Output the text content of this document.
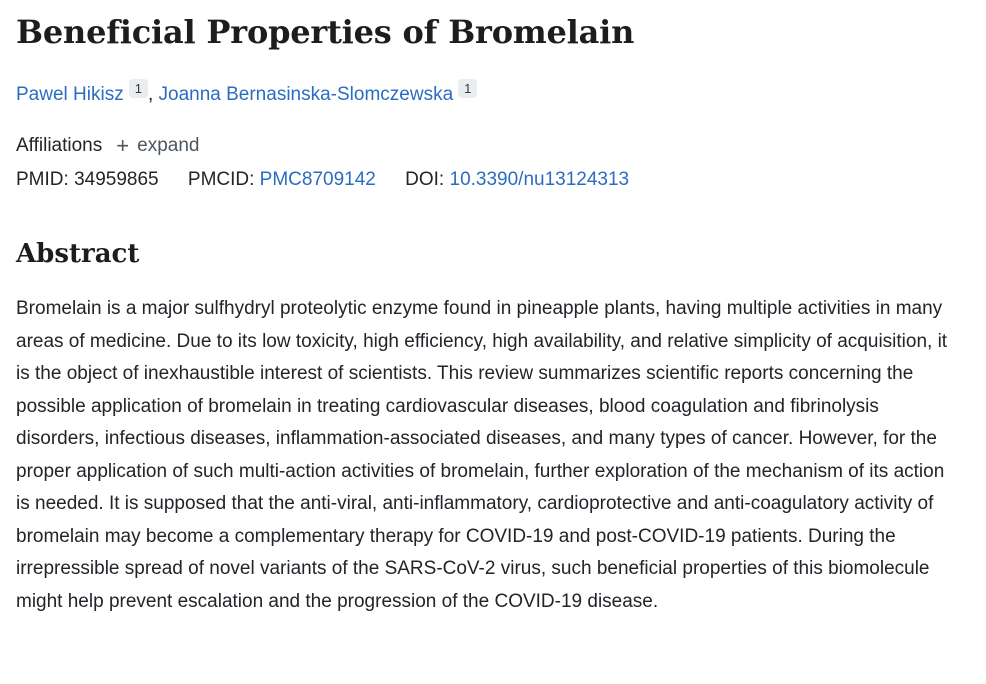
Beneficial Properties of Bromelain
Pawel Hikisz 1 , Joanna Bernasinska-Slomczewska 1
Affiliations + expand
PMID: 34959865 PMCID: PMC8709142 DOI: 10.3390/nu13124313
Abstract

Bromelain is a major sulfhydryl proteolytic enzyme found in pineapple plants, having multiple activities in many areas of medicine. Due to its low toxicity, high efficiency, high availability, and relative simplicity of acquisition, it is the object of inexhaustible interest of scientists. This review summarizes scientific reports concerning the possible application of bromelain in treating cardiovascular diseases, blood coagulation and fibrinolysis disorders, infectious diseases, inflammation-associated diseases, and many types of cancer. However, for the proper application of such multi-action activities of bromelain, further exploration of the mechanism of its action is needed. It is supposed that the anti-viral, anti-inflammatory, cardioprotective and anti-coagulatory activity of bromelain may become a complementary therapy for COVID-19 and post-COVID-19 patients. During the irrepressible spread of novel variants of the SARS-CoV-2 virus, such beneficial properties of this biomolecule might help prevent escalation and the progression of the COVID-19 disease.
